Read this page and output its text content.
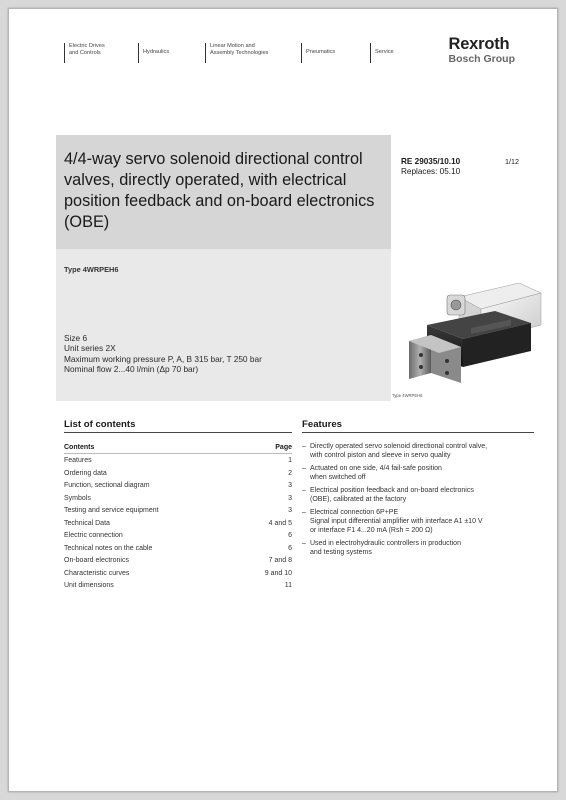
Electric Drives
and Controls	Hydraulics
Linear Motion and
Assembly Technologies	Pneumatics	Service	Rexroth
Bosch Group
4/4-way servo solenoid directional control valves, directly operated, with electrical position feedback and on-board electronics (OBE)
RE 29035/10.10
Replaces: 05.10
1/12
Type 4WRPEH6
Size 6
Unit series 2X
Maximum working pressure P, A, B 315 bar, T 250 bar
Nominal flow 2...40 l/min (Δp 70 bar)
Type 4WRPEH6
List of contents
Contents	Page
Features	1
Ordering data	2
Function, sectional diagram	3
Symbols	3
Testing and service equipment	3
Technical Data	4 and 5
Electric connection	6
Technical notes on the cable	6
On-board electronics	7 and 8
Characteristic curves	9 and 10
Unit dimensions	11
Features
– Directly operated servo solenoid directional control valve,
with control piston and sleeve in servo quality
– Actuated on one side, 4/4 fail-safe position
when switched off
– Electrical position feedback and on-board electronics
(OBE), calibrated at the factory
– Electrical connection 6P+PE
Signal input differential amplifier with interface A1 ±10 V
or interface F1 4...20 mA (Rsh = 200 Ω)
– Used in electrohydraulic controllers in production
and testing systems
